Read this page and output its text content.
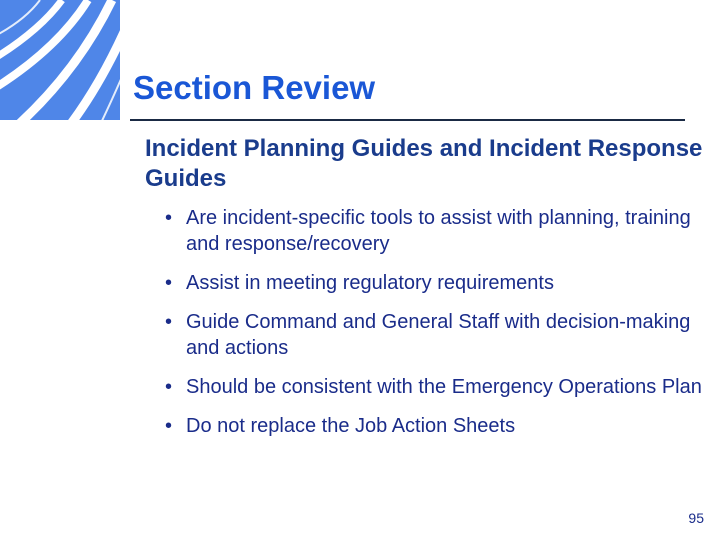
Section Review
Incident Planning Guides and Incident Response Guides
• Are incident-specific tools to assist with planning, training and response/recovery
• Assist in meeting regulatory requirements
• Guide Command and General Staff with decision-making and actions
• Should be consistent with the Emergency Operations Plan
• Do not replace the Job Action Sheets
95
